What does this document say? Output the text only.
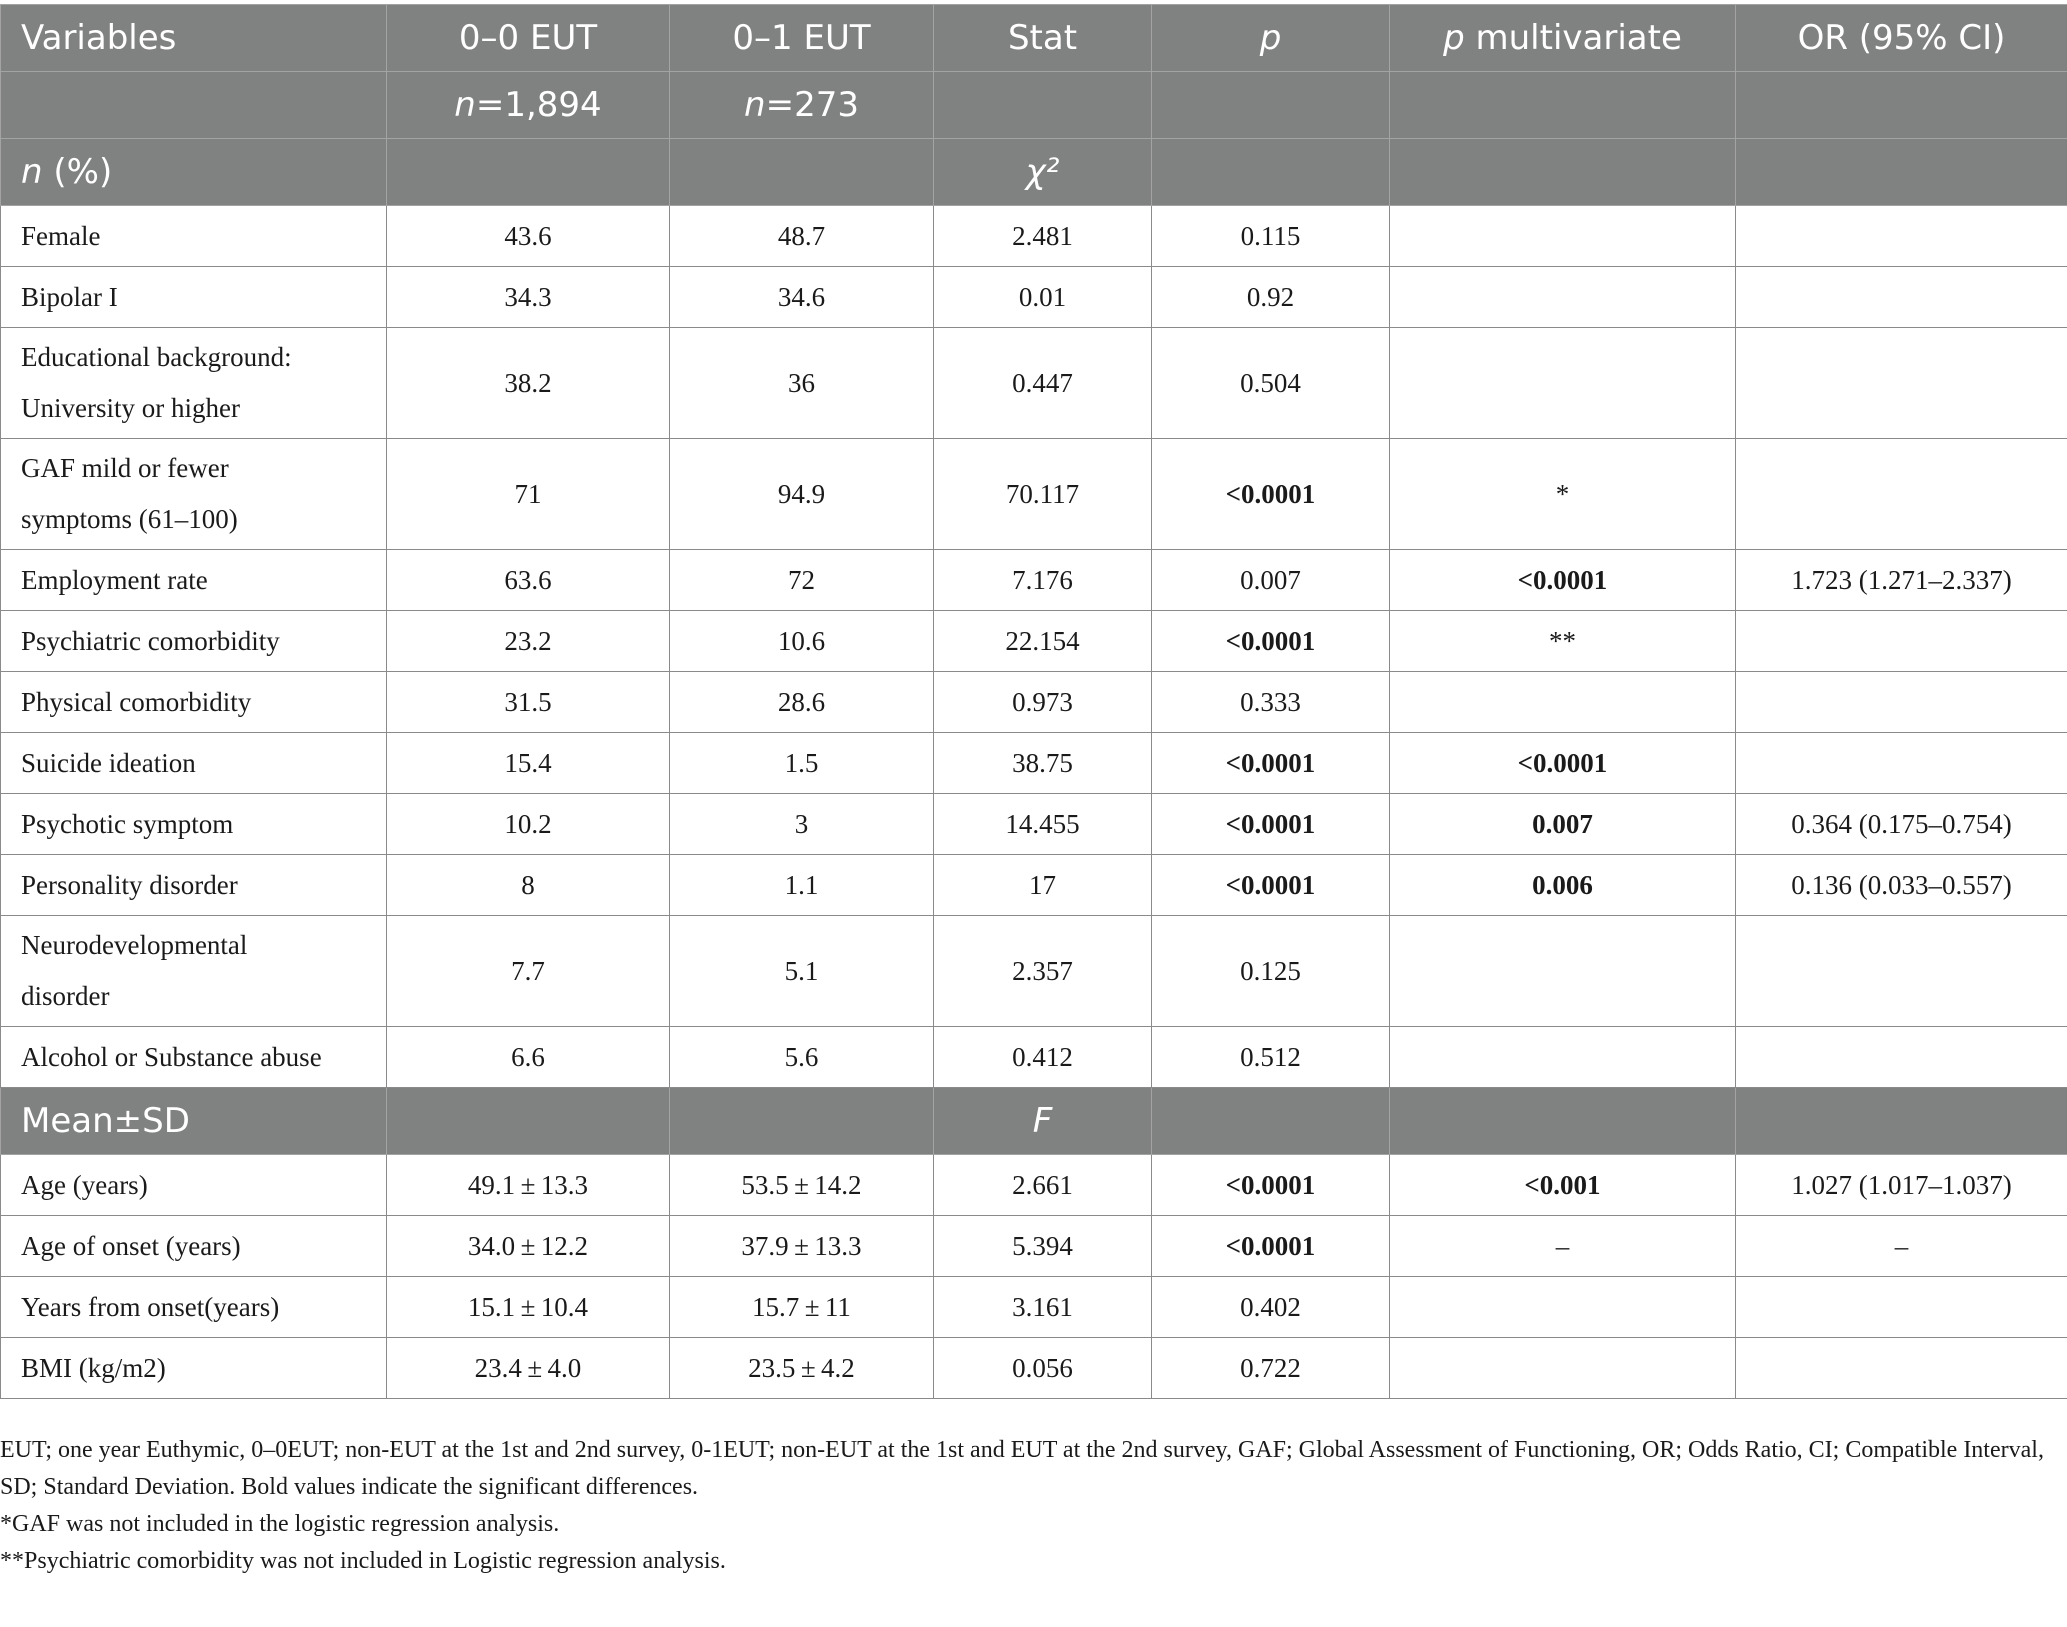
Variables	0–0 EUT	0–1 EUT	Stat	p	p multivariate	OR (95% CI)
	n=1,894	n=273				
n (%)			χ²			
Female	43.6	48.7	2.481	0.115		
Bipolar I	34.3	34.6	0.01	0.92		

Educational background:
University or higher	38.2	36	0.447	0.504		

GAF mild or fewer
symptoms (61–100)	71	94.9	70.117	<0.0001	*	
Employment rate	63.6	72	7.176	0.007	<0.0001	1.723 (1.271–2.337)
Psychiatric comorbidity	23.2	10.6	22.154	<0.0001	**	
Physical comorbidity	31.5	28.6	0.973	0.333		
Suicide ideation	15.4	1.5	38.75	<0.0001	<0.0001	
Psychotic symptom	10.2	3	14.455	<0.0001	0.007	0.364 (0.175–0.754)
Personality disorder	8	1.1	17	<0.0001	0.006	0.136 (0.033–0.557)

Neurodevelopmental
disorder	7.7	5.1	2.357	0.125		
Alcohol or Substance abuse	6.6	5.6	0.412	0.512		
Mean±SD			F			
Age (years)	49.1 ± 13.3	53.5 ± 14.2	2.661	<0.0001	<0.001	1.027 (1.017–1.037)
Age of onset (years)	34.0 ± 12.2	37.9 ± 13.3	5.394	<0.0001	–	–
Years from onset(years)	15.1 ± 10.4	15.7 ± 11	3.161	0.402		
BMI (kg/m2)	23.4 ± 4.0	23.5 ± 4.2	0.056	0.722		

EUT; one year Euthymic, 0–0EUT; non-EUT at the 1st and 2nd survey, 0-1EUT; non-EUT at the 1st and EUT at the 2nd survey, GAF; Global Assessment of Functioning, OR; Odds Ratio, CI; Compatible Interval, SD; Standard Deviation. Bold values indicate the significant differences.

*GAF was not included in the logistic regression analysis.

**Psychiatric comorbidity was not included in Logistic regression analysis.
